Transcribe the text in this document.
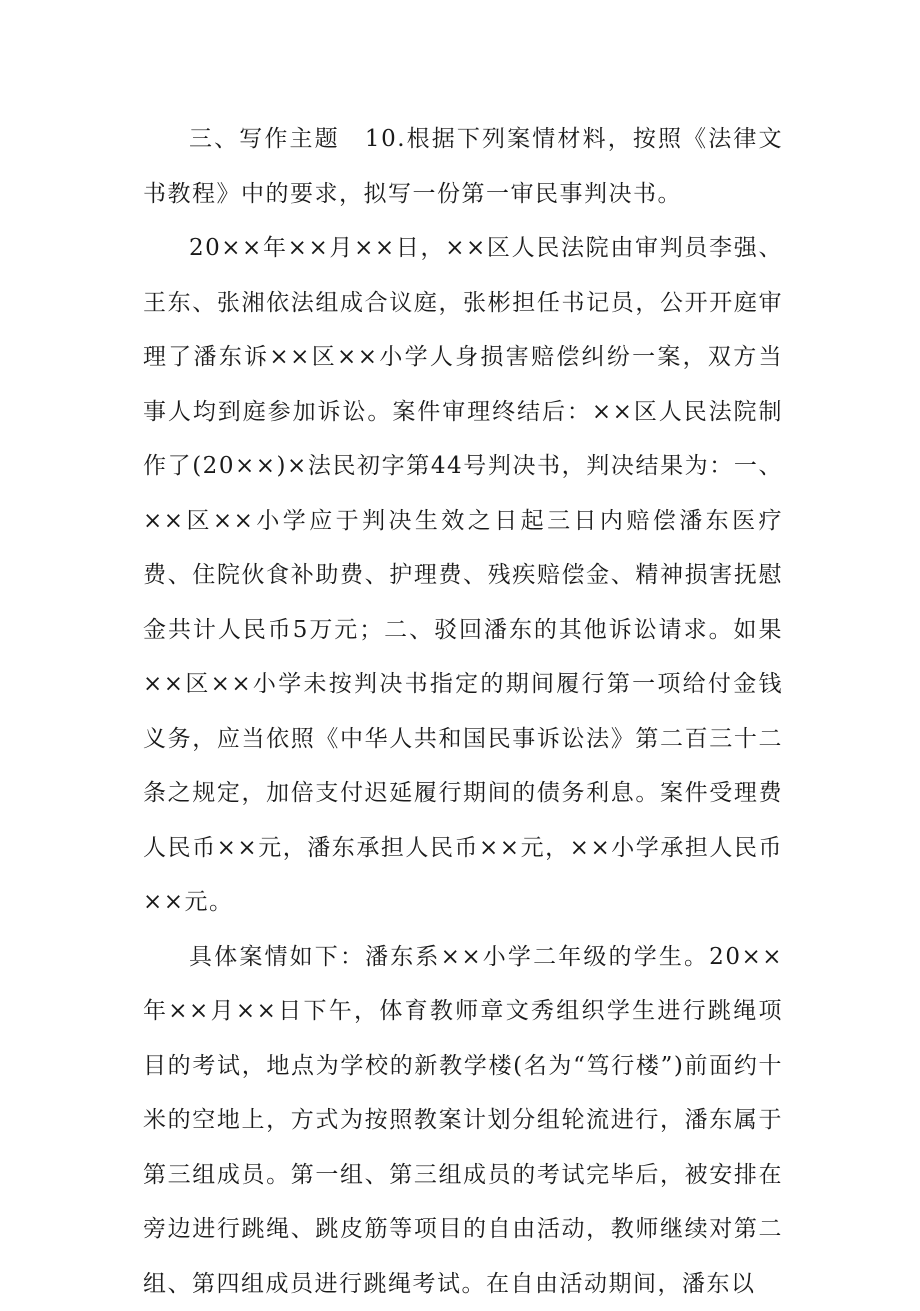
三、写作主题　10.根据下列案情材料，按照《法律文书教程》中的要求，拟写一份第一审民事判决书。

20××年××月××日，××区人民法院由审判员李强、王东、张湘依法组成合议庭，张彬担任书记员，公开开庭审理了潘东诉××区××小学人身损害赔偿纠纷一案，双方当事人均到庭参加诉讼。案件审理终结后：××区人民法院制作了(20××)×法民初字第44号判决书，判决结果为：一、××区××小学应于判决生效之日起三日内赔偿潘东医疗费、住院伙食补助费、护理费、残疾赔偿金、精神损害抚慰金共计人民币5万元；二、驳回潘东的其他诉讼请求。如果××区××小学未按判决书指定的期间履行第一项给付金钱义务，应当依照《中华人共和国民事诉讼法》第二百三十二条之规定，加倍支付迟延履行期间的债务利息。案件受理费人民币××元，潘东承担人民币××元，××小学承担人民币××元。

具体案情如下：潘东系××小学二年级的学生。20××年××月××日下午，体育教师章文秀组织学生进行跳绳项目的考试，地点为学校的新教学楼(名为“笃行楼”)前面约十米的空地上，方式为按照教案计划分组轮流进行，潘东属于第三组成员。第一组、第三组成员的考试完毕后，被安排在旁边进行跳绳、跳皮筋等项目的自由活动，教师继续对第二组、第四组成员进行跳绳考试。在自由活动期间，潘东以
